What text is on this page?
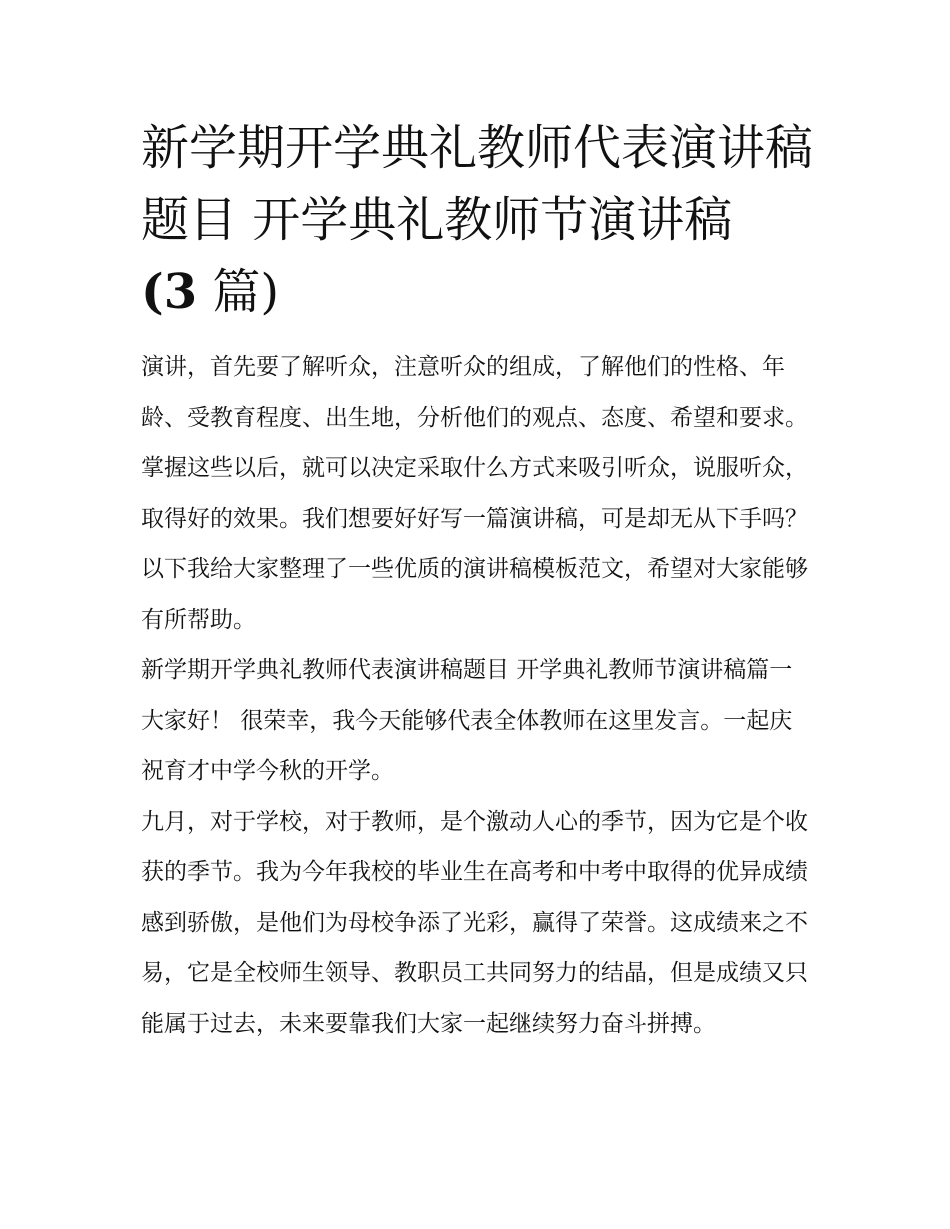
新学期开学典礼教师代表演讲稿题目 开学典礼教师节演讲稿
(3 篇)

演讲，首先要了解听众，注意听众的组成，了解他们的性格、年龄、受教育程度、出生地，分析他们的观点、态度、希望和要求。掌握这些以后，就可以决定采取什么方式来吸引听众，说服听众，取得好的效果。我们想要好好写一篇演讲稿，可是却无从下手吗？以下我给大家整理了一些优质的演讲稿模板范文，希望对大家能够有所帮助。

新学期开学典礼教师代表演讲稿题目 开学典礼教师节演讲稿篇一 大家好！ 很荣幸，我今天能够代表全体教师在这里发言。一起庆祝育才中学今秋的开学。

九月，对于学校，对于教师，是个激动人心的季节，因为它是个收获的季节。我为今年我校的毕业生在高考和中考中取得的优异成绩感到骄傲，是他们为母校争添了光彩，赢得了荣誉。这成绩来之不易，它是全校师生领导、教职员工共同努力的结晶，但是成绩又只能属于过去，未来要靠我们大家一起继续努力奋斗拼搏。
